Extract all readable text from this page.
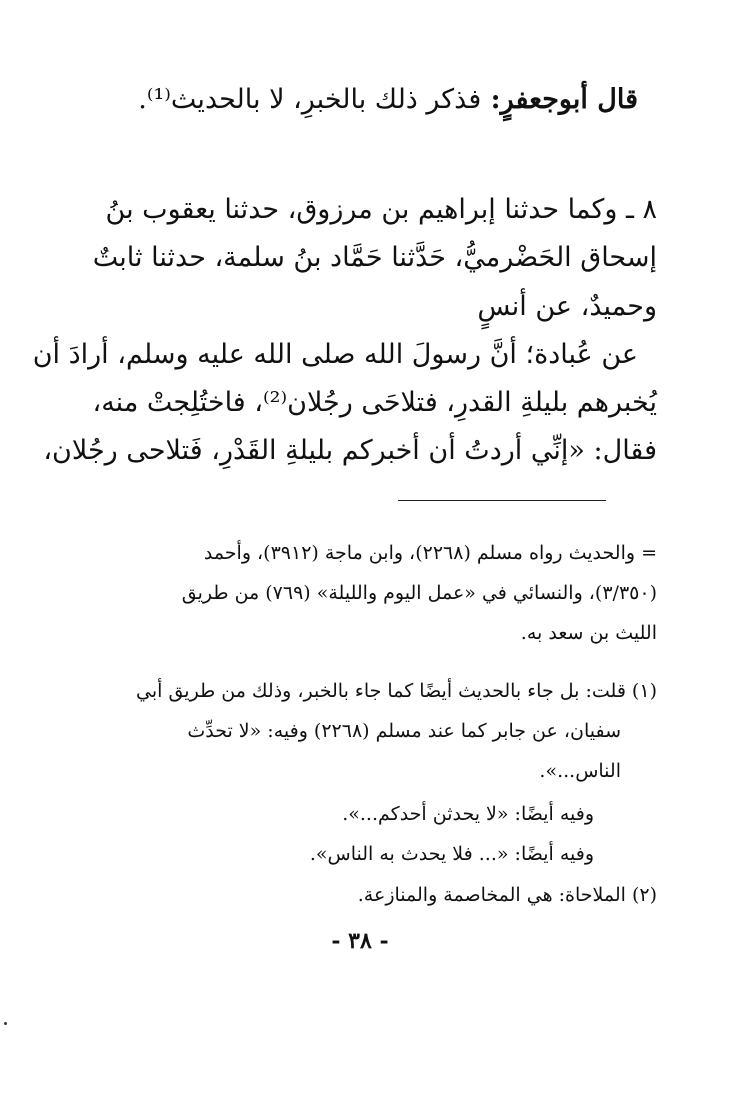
قال أبوجعفرٍ: فذكر ذلك بالخبرِ، لا بالحديث⁽¹⁾.
٨ ـ وكما حدثنا إبراهيم بن مرزوق، حدثنا يعقوب بنُ
إسحاق الحَضْرميُّ، حَدَّثنا حَمَّاد بنُ سلمة، حدثنا ثابتٌ
وحميدٌ، عن أنسٍ
عن عُبادة؛ أنَّ رسولَ الله صلى الله عليه وسلم، أرادَ أن
يُخبرهم بليلةِ القدرِ، فتلاحَى رجُلان⁽²⁾، فاختُلِجتْ منه،
فقال: «إنِّي أردتُ أن أخبركم بليلةِ القَدْرِ، فَتلاحى رجُلان،
= والحديث رواه مسلم (٢٢٦٨)، وابن ماجة (٣٩١٢)، وأحمد
(٣/٣٥٠)، والنسائي في «عمل اليوم والليلة» (٧٦٩) من طريق
الليث بن سعد به.
(١) قلت: بل جاء بالحديث أيضًا كما جاء بالخبر، وذلك من طريق أبي
سفيان، عن جابر كما عند مسلم (٢٢٦٨) وفيه: «لا تحدِّث
الناس...».
وفيه أيضًا: «لا يحدثن أحدكم...».
وفيه أيضًا: «... فلا يحدث به الناس».
(٢) الملاحاة: هي المخاصمة والمنازعة.
- ٣٨ -
